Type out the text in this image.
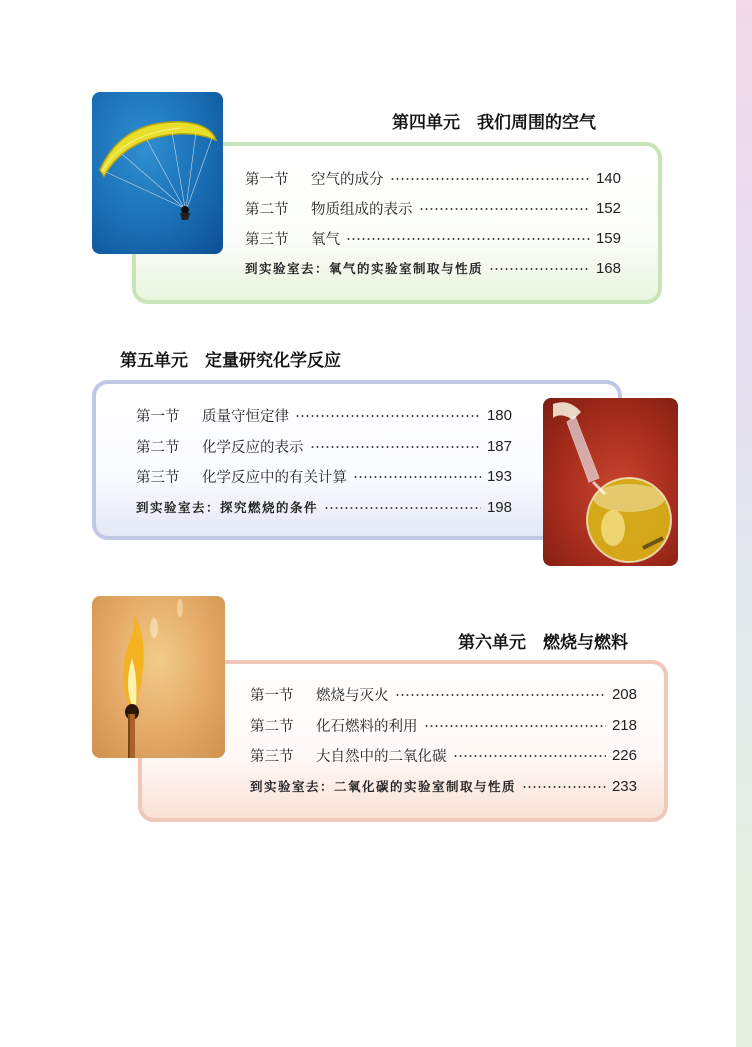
第四单元　我们周围的空气
第一节	空气的成分	140
第二节	物质组成的表示	152
第三节	氧气	159
到实验室去：氧气的实验室制取与性质	168
第五单元　定量研究化学反应
第一节	质量守恒定律	180
第二节	化学反应的表示	187
第三节	化学反应中的有关计算	193
到实验室去：探究燃烧的条件	198
第六单元　燃烧与燃料
第一节	燃烧与灭火	208
第二节	化石燃料的利用	218
第三节	大自然中的二氧化碳	226
到实验室去：二氧化碳的实验室制取与性质	233
